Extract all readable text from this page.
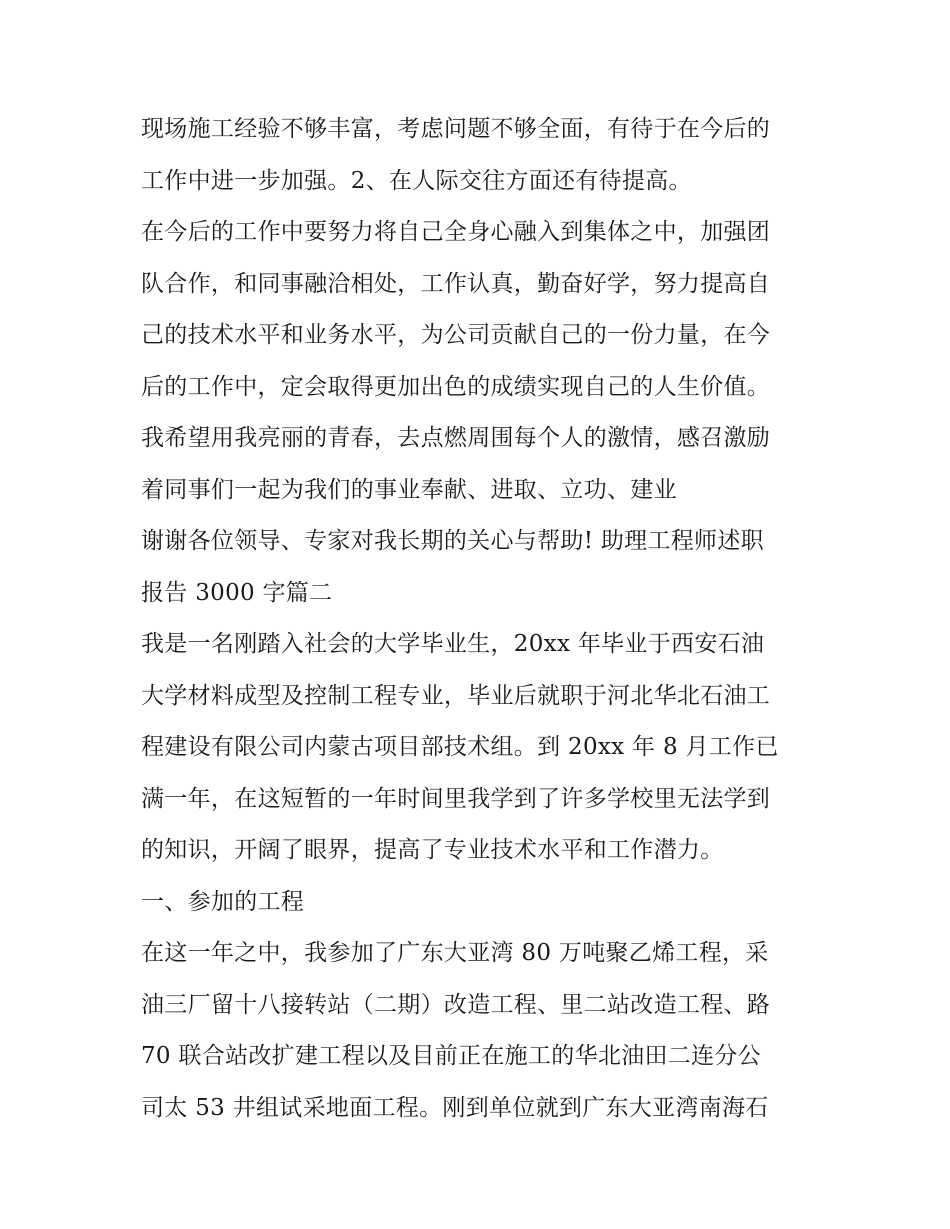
现场施工经验不够丰富，考虑问题不够全面，有待于在今后的
工作中进一步加强。2、在人际交往方面还有待提高。
在今后的工作中要努力将自己全身心融入到集体之中，加强团
队合作，和同事融洽相处，工作认真，勤奋好学，努力提高自
己的技术水平和业务水平，为公司贡献自己的一份力量，在今
后的工作中，定会取得更加出色的成绩实现自己的人生价值。
我希望用我亮丽的青春，去点燃周围每个人的激情，感召激励
着同事们一起为我们的事业奉献、进取、立功、建业
谢谢各位领导、专家对我长期的关心与帮助! 助理工程师述职
报告 3000 字篇二
我是一名刚踏入社会的大学毕业生，20xx 年毕业于西安石油
大学材料成型及控制工程专业，毕业后就职于河北华北石油工
程建设有限公司内蒙古项目部技术组。到 20xx 年 8 月工作已
满一年，在这短暂的一年时间里我学到了许多学校里无法学到
的知识，开阔了眼界，提高了专业技术水平和工作潜力。
一、参加的工程
在这一年之中，我参加了广东大亚湾 80 万吨聚乙烯工程，采
油三厂留十八接转站（二期）改造工程、里二站改造工程、路
70 联合站改扩建工程以及目前正在施工的华北油田二连分公
司太 53 井组试采地面工程。刚到单位就到广东大亚湾南海石
